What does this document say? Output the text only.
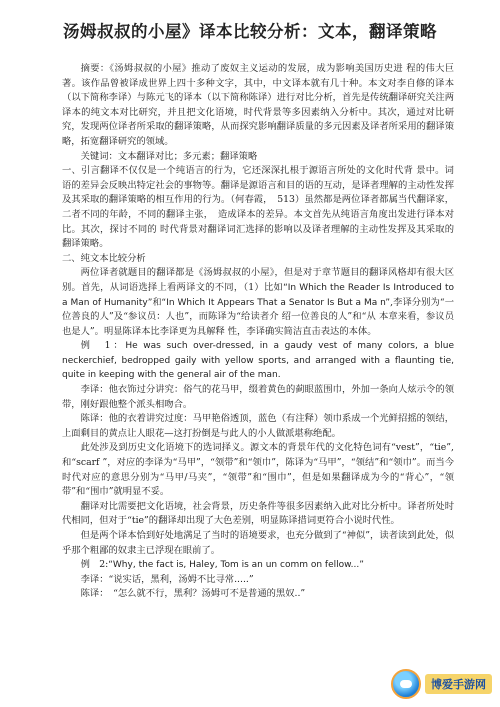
汤姆叔叔的小屋》译本比较分析：文本，翻译策略

摘要：《汤姆叔叔的小屋》推动了废奴主义运动的发展，成为影响美国历史进 程的伟大巨著。该作品曾被译成世界上四十多种文字，其中，中文译本就有几十种。本文对李自修的译本（以下简称李译）与陈元飞的译本（以下简称陈译）进行对比分析，首先是传统翻译研究关注两译本的纯文本对比研究，并且把文化语境，时代背景等多因素纳入分析中。其次，通过对比研究，发现两位译者所采取的翻译策略，从而探究影响翻译质量的多元因素及译者所采用的翻译策略，拓宽翻译研究的领域。

关键词：文本翻译对比；多元素；翻译策略

一、引言翻译不仅仅是一个纯语言的行为，它还深深扎根于源语言所处的文化时代背 景中。词语的差异会反映出特定社会的事物等。翻译是源语言和目的语的互动，是译者理解的主动性发挥及其采取的翻译策略的相互作用的行为。（何春霞，　513）虽然都是两位译者都属当代翻译家，二者不同的年龄，不同的翻译主张，　造成译本的差异。本文首先从纯语言角度出发进行译本对比。其次，探讨不同的 时代背景对翻译词汇选择的影响以及译者理解的主动性发挥及其采取的翻译策略。

二、纯文本比较分析

两位译者就题目的翻译都是《汤姆叔叔的小屋》，但是对于章节题目的翻译风格却有很大区别。首先，从词语选择上看两译文的不同，（1）比如“In Which the Reader Is Introduced to a Man of Humanity”和“In Which It Appears That a Senator Is But a Ma n”,李译分别为“一位善良的人”及“参议员：人也”，而陈译为“给读者介 绍一位善良的人”和“从 本章来看，参议员也是人”。明显陈译本比李译更为具解释 性，李译确实简洁直击表达的本体。

例　1：He was such over-dressed, in a gaudy vest of many colors, a blue neckerchief, bedropped gaily with yellow sports, and arranged with a flaunting tie, quite in keeping with the general air of the man.

李译：他衣饰过分讲究：俗气的花马甲，缀着黄色的蓟眼蓝围巾，外加一条向人炫示令的领带，刚好跟他整个派头相吻合。

陈译：他的衣着讲究过度：马甲艳俗透顶，蓝色（有注释）领巾系成一个光鲜招摇的领结，上面剩目的黄点让人眼花—这打扮倒是与此人的小人做派堪称绝配。

此处涉及到历史文化语境下的选词择义。源文本的背景年代的文化特色词有“vest”，“tie”,和“scarf ”，对应的李译为“马甲”，“领带”和“领巾”，陈译为“马甲”，“领结”和“领巾”。而当今时代对应的意思分别为“马甲/马夹”，“领带”和“围巾”，但是如果翻译成为今的“背心”，“领带”和“围巾”就明显不妥。

翻译对比需要把文化语境，社会背景，历史条件等很多因素纳入此对比分析中。译者所处时代相同，但对于“tie”的翻译却出现了大色差别，明显陈译措词更符合小说时代性。

但是两个译本恰到好处地满足了当时的语境要求，也充分做到了“神似”，读者读到此处，似乎那个粗鄙的奴隶主已浮现在眼前了。

例　2:“Why, the fact is, Haley, Tom is an un comm on fellow...”

李译：“说实话，黑利，汤姆不比寻常.....”

陈译：　“怎么就不行，黑利？汤姆可不是普通的黑奴..”

博爱手游网
